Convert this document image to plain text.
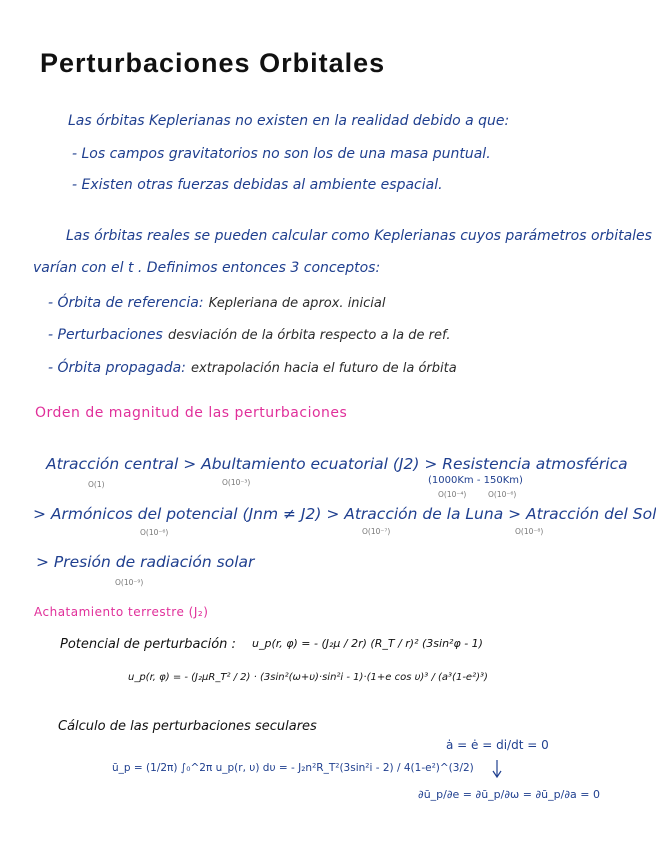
Perturbaciones Orbitales
Las órbitas Keplerianas no existen en la realidad debido a que:
- Los campos gravitatorios no son los de una masa puntual.
- Existen otras fuerzas debidas al ambiente espacial.
Las órbitas reales se pueden calcular como Keplerianas cuyos parámetros orbitales
varían con el t . Definimos entonces 3 conceptos:
- Órbita de referencia: Kepleriana de aprox. inicial
- Perturbaciones desviación de la órbita respecto a la de ref.
- Órbita propagada: extrapolación hacia el futuro de la órbita
Orden de magnitud de las perturbaciones
Atracción central > Abultamiento ecuatorial (J2) > Resistencia atmosférica
O(1)	O(10⁻³)	(1000Km - 150Km)
O(10⁻⁴)	O(10⁻⁶)
> Armónicos del potencial (Jnm ≠ J2) > Atracción de la Luna > Atracción del Sol
O(10⁻⁶)	O(10⁻⁷)	O(10⁻⁸)
> Presión de radiación solar
O(10⁻⁹)
Achatamiento terrestre (J₂)
Potencial de perturbación : u_p(r, φ) = - (J₂μ / 2r) (R_T / r)² (3sin²φ - 1)
u_p(r, φ) = - (J₂μR_T² / 2) · (3sin²(ω+υ)·sin²i - 1)·(1+e cos υ)³ / (a³(1-e²)³)
Cálculo de las perturbaciones seculares
ū_p = (1/2π) ∫₀^2π u_p(r, υ) dυ = - J₂n²R_T²(3sin²i - 2) / 4(1-e²)^(3/2)
ȧ = ė = di/dt = 0
∂ū_p/∂e = ∂ū_p/∂ω = ∂ū_p/∂a = 0
